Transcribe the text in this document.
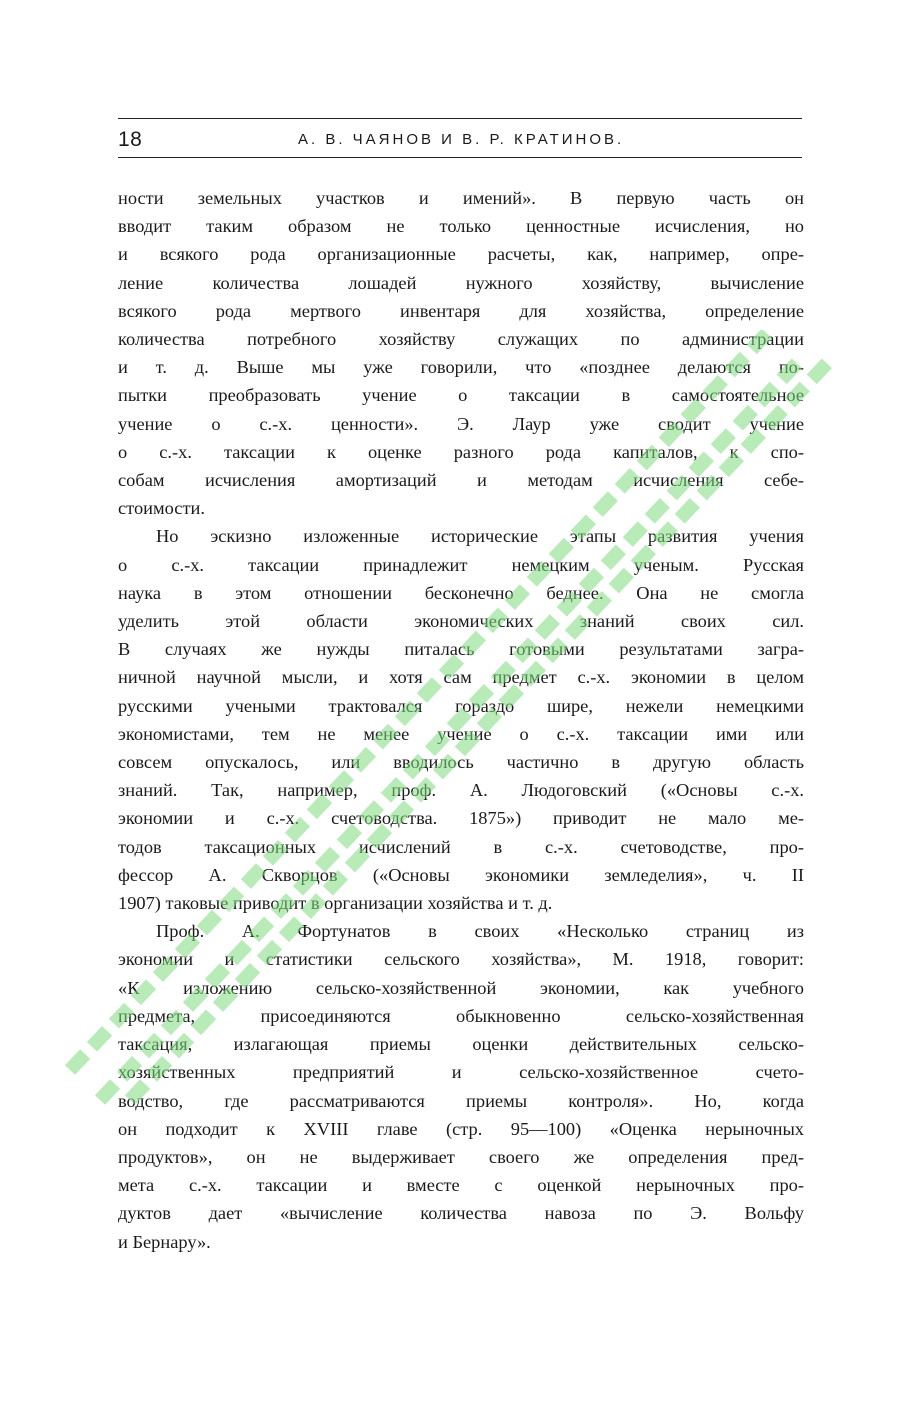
18	А. В. ЧАЯНОВ И В. Р. КРАТИНОВ.

ности земельных участков и имений». В первую часть он
вводит таким образом не только ценностные исчисления, но
и всякого рода организационные расчеты, как, например, опре-
ление количества лошадей нужного хозяйству, вычисление
всякого рода мертвого инвентаря для хозяйства, определение
количества потребного хозяйству служащих по администрации
и т. д. Выше мы уже говорили, что «позднее делаются по-
пытки преобразовать учение о таксации в самостоятельное
учение о с.-х. ценности». Э. Лаур уже сводит учение
о с.-х. таксации к оценке разного рода капиталов, к спо-
собам исчисления амортизаций и методам исчисления себе-
стоимости.

Но эскизно изложенные исторические этапы развития учения
о с.-х. таксации принадлежит немецким ученым. Русская
наука в этом отношении бесконечно беднее. Она не смогла
уделить этой области экономических знаний своих сил.
В случаях же нужды питалась готовыми результатами загра-
ничной научной мысли, и хотя сам предмет с.-х. экономии в целом
русскими учеными трактовался гораздо шире, нежели немецкими
экономистами, тем не менее учение о с.-х. таксации ими или
совсем опускалось, или вводилось частично в другую область
знаний. Так, например, проф. А. Людоговский («Основы с.-х.
экономии и с.-х. счетоводства. 1875») приводит не мало ме-
тодов таксационных исчислений в с.-х. счетоводстве, про-
фессор А. Скворцов («Основы экономики земледелия», ч. II
1907) таковые приводит в организации хозяйства и т. д.

Проф. А. Фортунатов в своих «Несколько страниц из
экономии и статистики сельского хозяйства», М. 1918, говорит:
«К изложению сельско-хозяйственной экономии, как учебного
предмета, присоединяются обыкновенно сельско-хозяйственная
таксация, излагающая приемы оценки действительных сельско-
хозяйственных предприятий и сельско-хозяйственное счето-
водство, где рассматриваются приемы контроля». Но, когда
он подходит к XVIII главе (стр. 95—100) «Оценка нерыночных
продуктов», он не выдерживает своего же определения пред-
мета с.-х. таксации и вместе с оценкой нерыночных про-
дуктов дает «вычисление количества навоза по Э. Вольфу
и Бернару».
